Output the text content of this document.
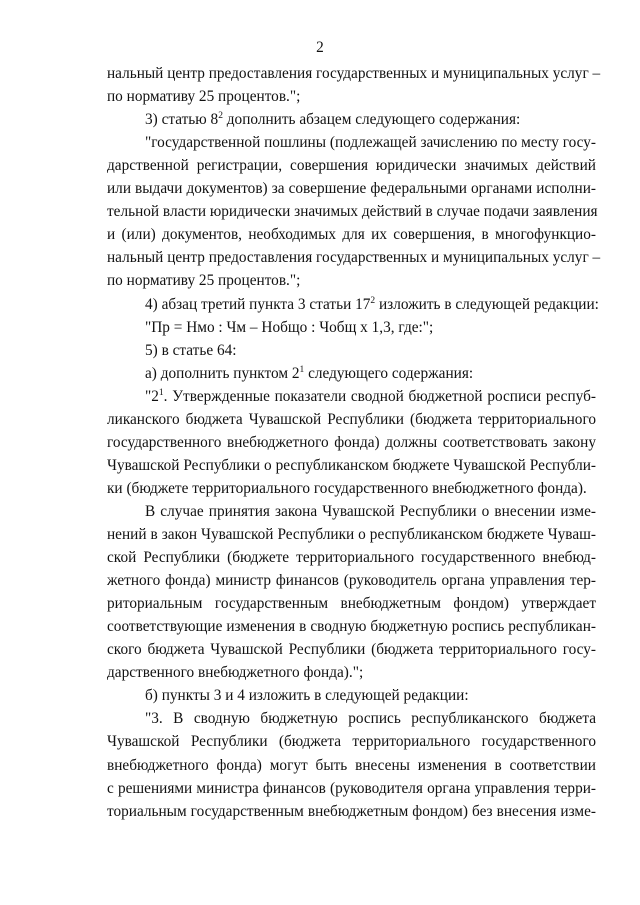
2
нальный центр предоставления государственных и муниципальных услуг –
по нормативу 25 процентов.";
3) статью $8^2$ дополнить абзацем следующего содержания:
"государственной пошлины (подлежащей зачислению по месту госу-
дарственной регистрации, совершения юридически значимых действий
или выдачи документов) за совершение федеральными органами исполни-
тельной власти юридически значимых действий в случае подачи заявления
и (или) документов, необходимых для их совершения, в многофункцио-
нальный центр предоставления государственных и муниципальных услуг –
по нормативу 25 процентов.";
4) абзац третий пункта 3 статьи $17^2$ изложить в следующей редакции:
"Пр = Нмо : Чм – Нобщо : Чобщ х 1,3, где:";
5) в статье 64:
а) дополнить пунктом $2^1$ следующего содержания:
"$2^1$. Утвержденные показатели сводной бюджетной росписи респуб-
ликанского бюджета Чувашской Республики (бюджета территориального
государственного внебюджетного фонда) должны соответствовать закону
Чувашской Республики о республиканском бюджете Чувашской Республи-
ки (бюджете территориального государственного внебюджетного фонда).
В случае принятия закона Чувашской Республики о внесении изме-
нений в закон Чувашской Республики о республиканском бюджете Чуваш-
ской Республики (бюджете территориального государственного внебюд-
жетного фонда) министр финансов (руководитель органа управления тер-
риториальным государственным внебюджетным фондом) утверждает
соответствующие изменения в сводную бюджетную роспись республикан-
ского бюджета Чувашской Республики (бюджета территориального госу-
дарственного внебюджетного фонда).";
б) пункты 3 и 4 изложить в следующей редакции:
"3. В сводную бюджетную роспись республиканского бюджета
Чувашской Республики (бюджета территориального государственного
внебюджетного фонда) могут быть внесены изменения в соответствии
с решениями министра финансов (руководителя органа управления терри-
ториальным государственным внебюджетным фондом) без внесения изме-
